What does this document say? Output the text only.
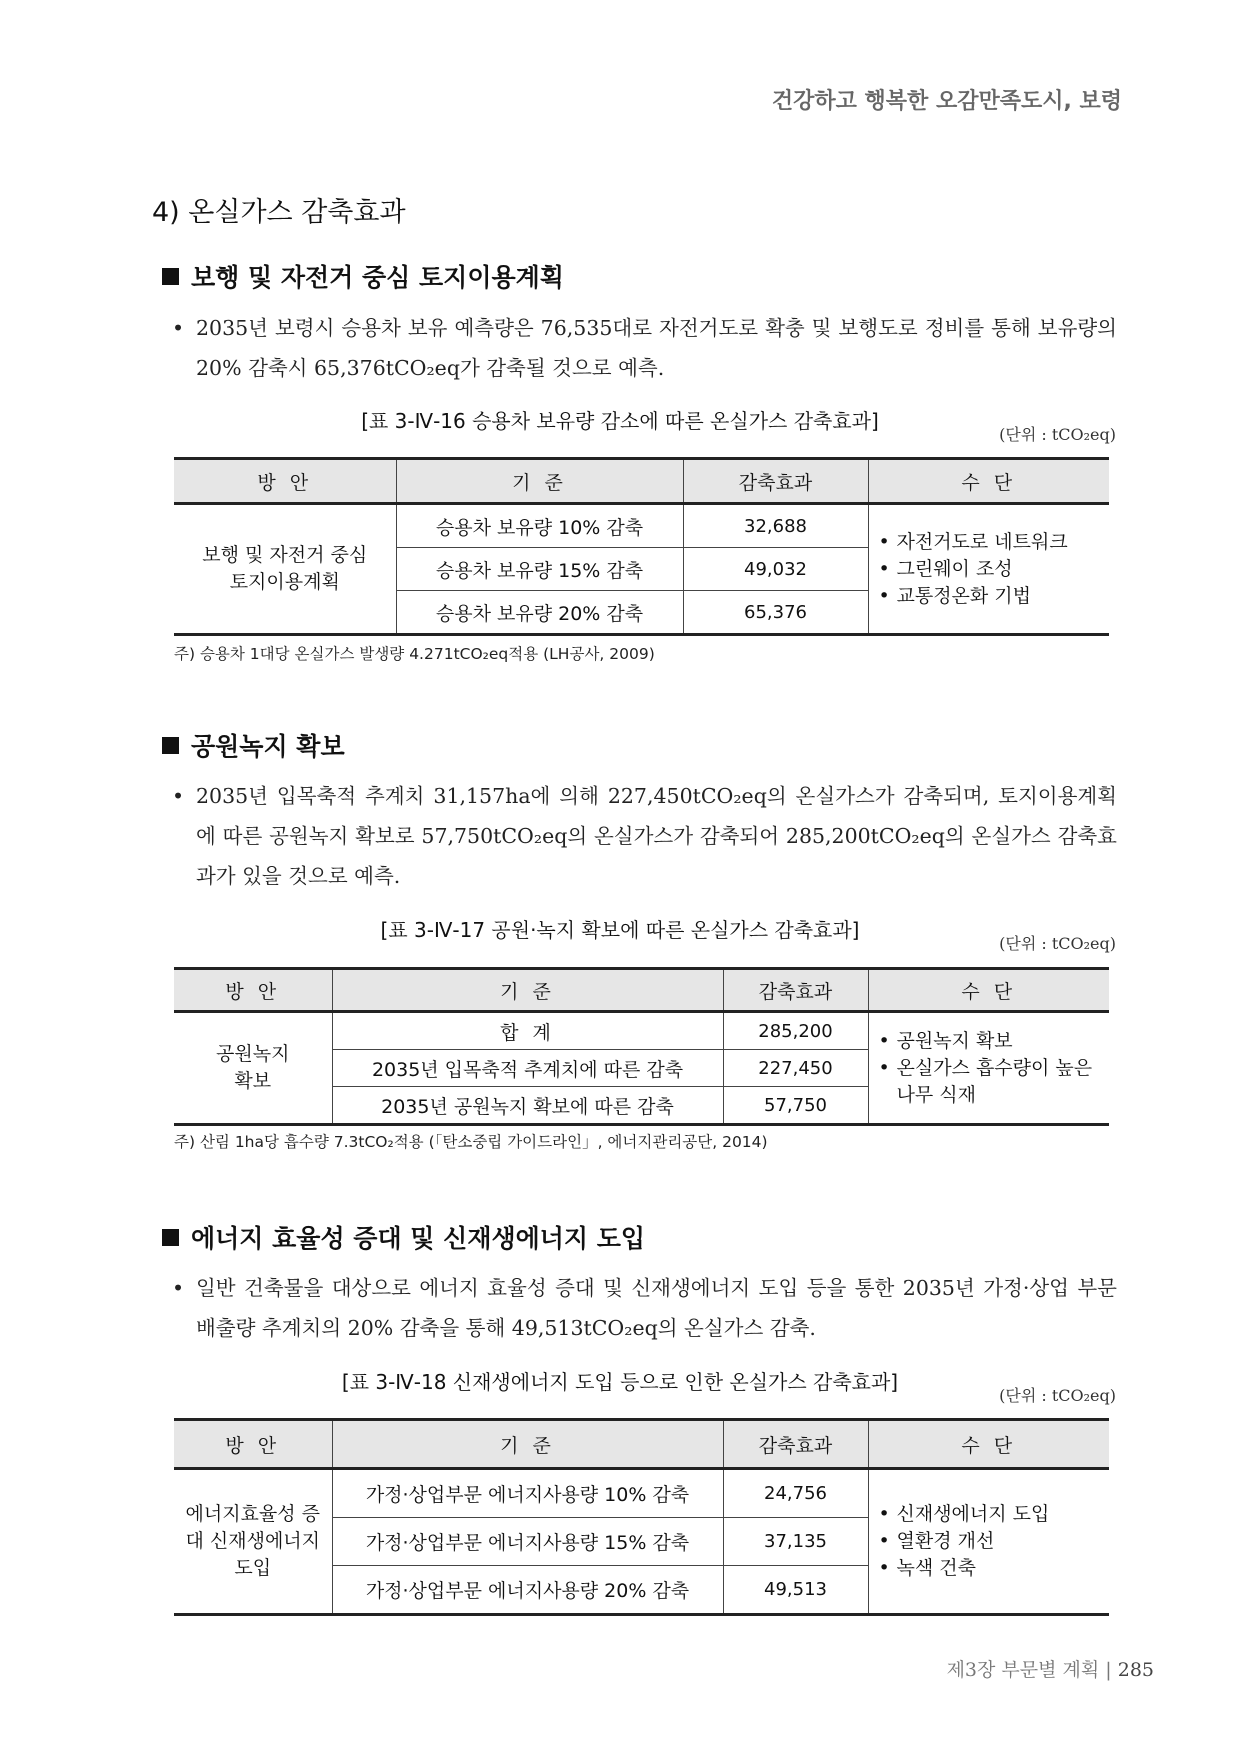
건강하고 행복한 오감만족도시, 보령
4) 온실가스 감축효과
보행 및 자전거 중심 토지이용계획
• 2035년 보령시 승용차 보유 예측량은 76,535대로 자전거도로 확충 및 보행도로 정비를 통해 보유량의 20% 감축시 65,376tCO₂eq가 감축될 것으로 예측.
[표 3-Ⅳ-16 승용차 보유량 감소에 따른 온실가스 감축효과]
(단위 : tCO₂eq)
방 안	기 준	감축효과	수 단
보행 및 자전거 중심 토지이용계획	승용차 보유량 10% 감축	32,688	• 자전거도로 네트워크
• 그린웨이 조성
• 교통정온화 기법

	승용차 보유량 15% 감축	49,032	
	승용차 보유량 20% 감축	65,376	
주) 승용차 1대당 온실가스 발생량 4.271tCO₂eq적용 (LH공사, 2009)
공원녹지 확보
• 2035년 입목축적 추계치 31,157ha에 의해 227,450tCO₂eq의 온실가스가 감축되며, 토지이용계획에 따른 공원녹지 확보로 57,750tCO₂eq의 온실가스가 감축되어 285,200tCO₂eq의 온실가스 감축효과가 있을 것으로 예측.
[표 3-Ⅳ-17 공원·녹지 확보에 따른 온실가스 감축효과]
(단위 : tCO₂eq)
방 안	기 준	감축효과	수 단
공원녹지 확보	합 계	285,200	• 공원녹지 확보
• 온실가스 흡수량이 높은 나무 식재

	2035년 입목축적 추계치에 따른 감축	227,450	
	2035년 공원녹지 확보에 따른 감축	57,750	
주) 산림 1ha당 흡수량 7.3tCO₂적용 (「탄소중립 가이드라인」, 에너지관리공단, 2014)
에너지 효율성 증대 및 신재생에너지 도입
• 일반 건축물을 대상으로 에너지 효율성 증대 및 신재생에너지 도입 등을 통한 2035년 가정·상업 부문 배출량 추계치의 20% 감축을 통해 49,513tCO₂eq의 온실가스 감축.
[표 3-Ⅳ-18 신재생에너지 도입 등으로 인한 온실가스 감축효과]
(단위 : tCO₂eq)
방 안	기 준	감축효과	수 단
에너지효율성 증대 신재생에너지 도입	가정·상업부문 에너지사용량 10% 감축	24,756	• 신재생에너지 도입
• 열환경 개선
• 녹색 건축

	가정·상업부문 에너지사용량 15% 감축	37,135	
	가정·상업부문 에너지사용량 20% 감축	49,513	
제3장 부문별 계획 | 285
